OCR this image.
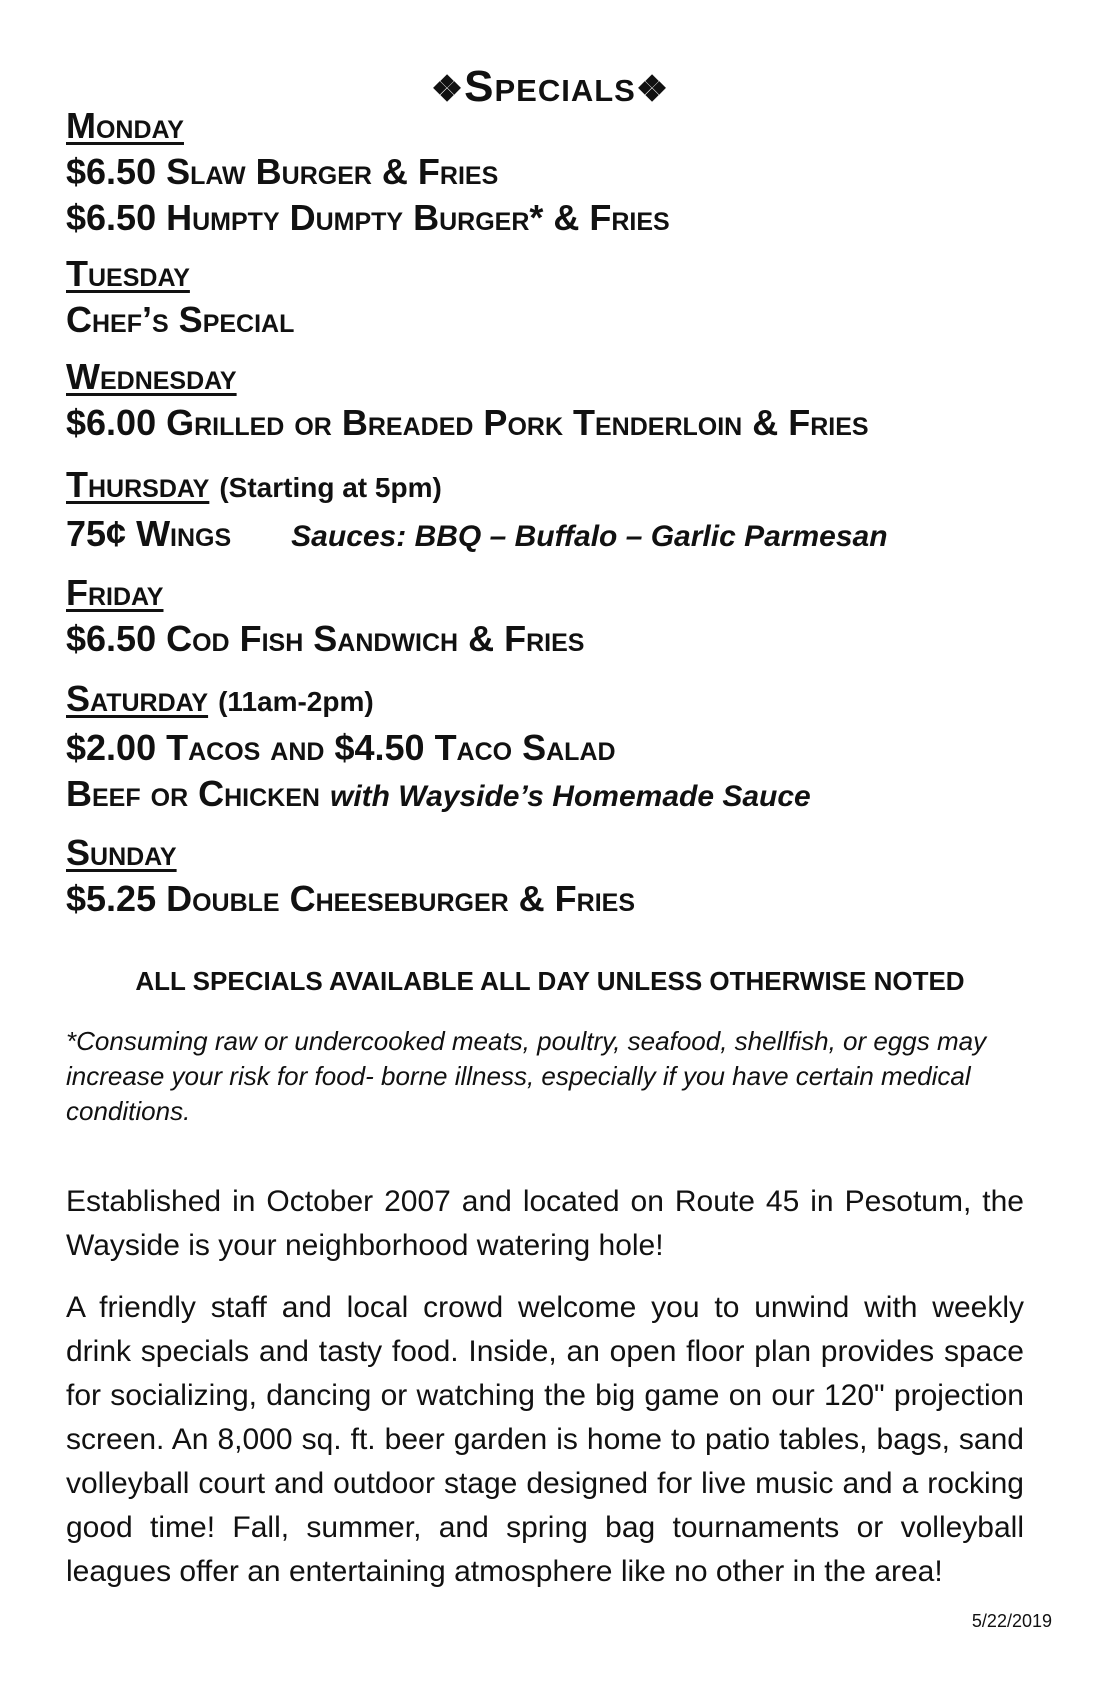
❖Specials❖
Monday
$6.50 Slaw Burger & Fries
$6.50 Humpty Dumpty Burger* & Fries
Tuesday
Chef’s Special
Wednesday
$6.00 Grilled or Breaded Pork Tenderloin & Fries
Thursday (Starting at 5pm)
75¢ Wings Sauces: BBQ – Buffalo – Garlic Parmesan
Friday
$6.50 Cod Fish Sandwich & Fries
Saturday (11am-2pm)
$2.00 Tacos and $4.50 Taco Salad
Beef or Chicken with Wayside’s Homemade Sauce
Sunday
$5.25 Double Cheeseburger & Fries
ALL SPECIALS AVAILABLE ALL DAY UNLESS OTHERWISE NOTED
*Consuming raw or undercooked meats, poultry, seafood, shellfish, or eggs may increase your risk for food- borne illness, especially if you have certain medical conditions.
Established in October 2007 and located on Route 45 in Pesotum, the Wayside is your neighborhood watering hole!
A friendly staff and local crowd welcome you to unwind with weekly drink specials and tasty food. Inside, an open floor plan provides space for socializing, dancing or watching the big game on our 120" projection screen. An 8,000 sq. ft. beer garden is home to patio tables, bags, sand volleyball court and outdoor stage designed for live music and a rocking good time! Fall, summer, and spring bag tournaments or volleyball leagues offer an entertaining atmosphere like no other in the area!
5/22/2019
